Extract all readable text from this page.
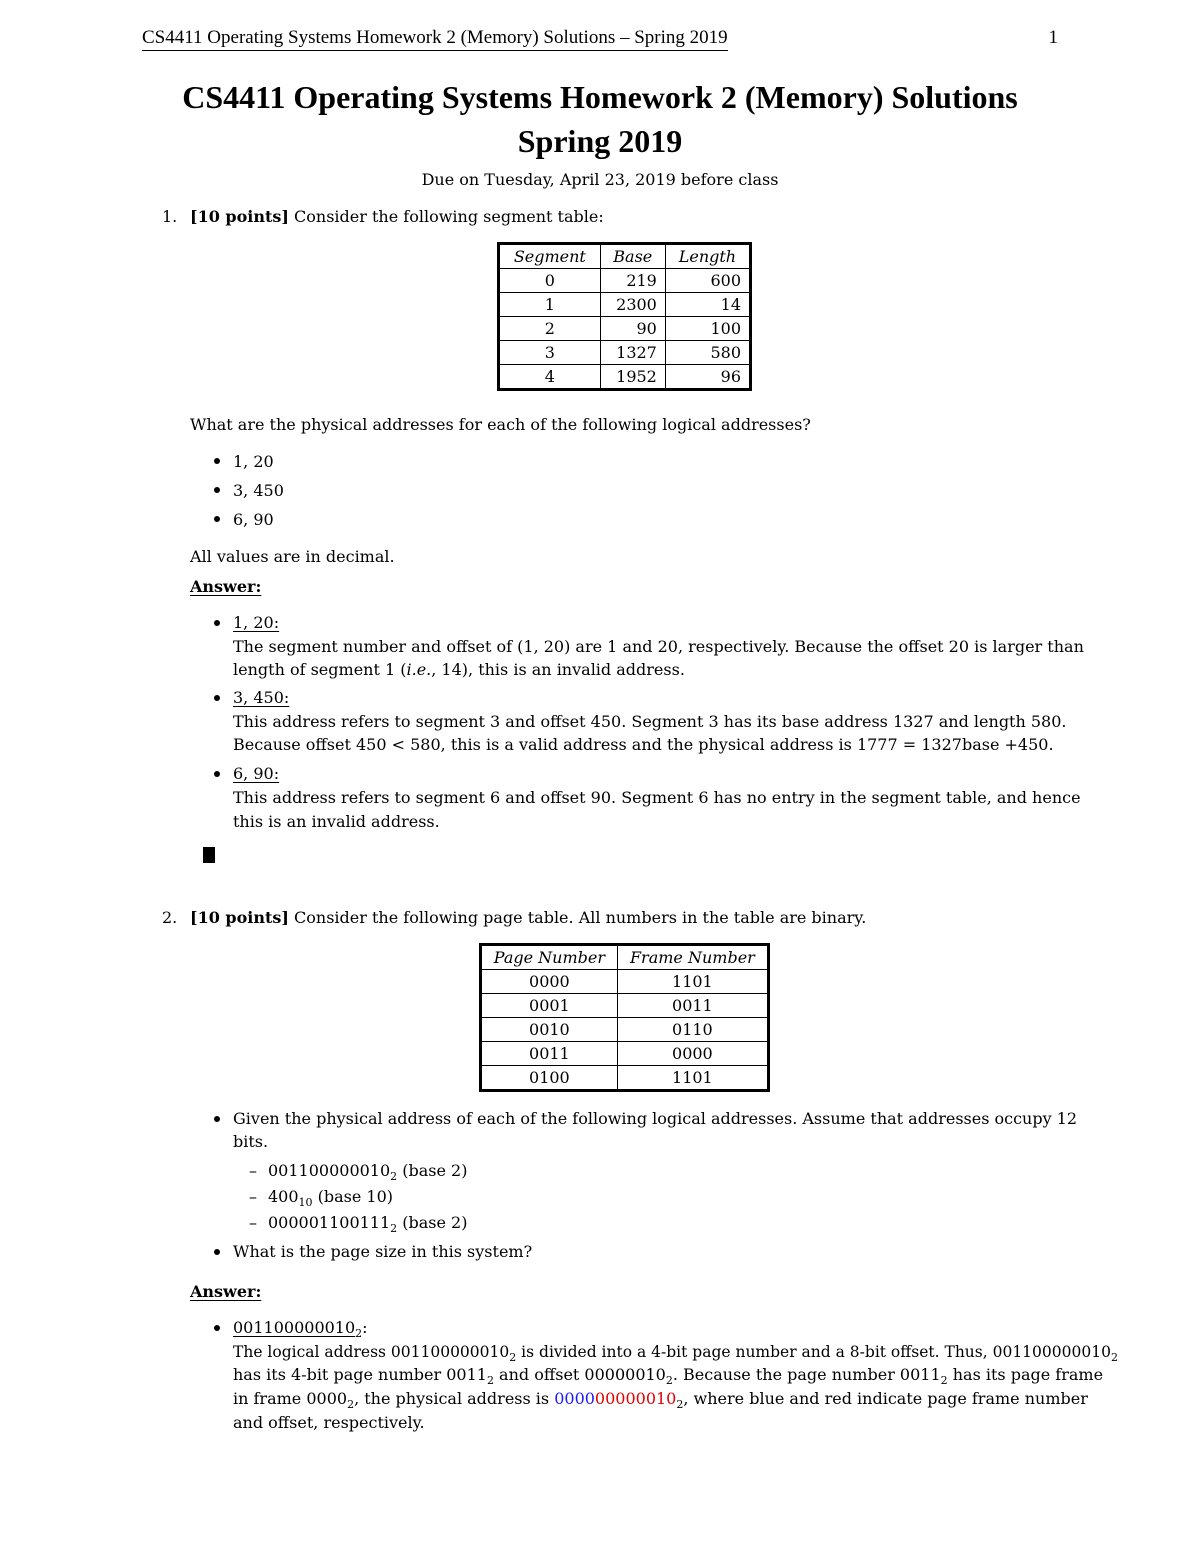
CS4411 Operating Systems Homework 2 (Memory) Solutions – Spring 2019	1
CS4411 Operating Systems Homework 2 (Memory) Solutions
Spring 2019
Due on Tuesday, April 23, 2019 before class
1. [10 points] Consider the following segment table:
Segment	Base	Length
0	219	600
1	2300	14
2	90	100
3	1327	580
4	1952	96
What are the physical addresses for each of the following logical addresses?
1, 20
3, 450
6, 90
All values are in decimal.
Answer:
1, 20:
The segment number and offset of (1, 20) are 1 and 20, respectively. Because the offset 20 is larger than
length of segment 1 (i.e., 14), this is an invalid address.
3, 450:
This address refers to segment 3 and offset 450. Segment 3 has its base address 1327 and length 580.
Because offset 450 < 580, this is a valid address and the physical address is 1777 = 1327base +450.
6, 90:
This address refers to segment 6 and offset 90. Segment 6 has no entry in the segment table, and hence
this is an invalid address.
2. [10 points] Consider the following page table. All numbers in the table are binary.
Page Number	Frame Number
0000	1101
0001	0011
0010	0110
0011	0000
0100	1101
Given the physical address of each of the following logical addresses. Assume that addresses occupy 12
bits.
– $001100000010_2$ (base 2)
– $400_{10}$ (base 10)
– $000001100111_2$ (base 2)
What is the page size in this system?
Answer:
$001100000010_2$:
The logical address $001100000010_2$ is divided into a 4-bit page number and a 8-bit offset. Thus, $001100000010_2$
has its 4-bit page number $0011_2$ and offset $00000010_2$. Because the page number $0011_2$ has its page frame
in frame $0000_2$, the physical address is $000000000010_2$, where blue and red indicate page frame number
and offset, respectively.
